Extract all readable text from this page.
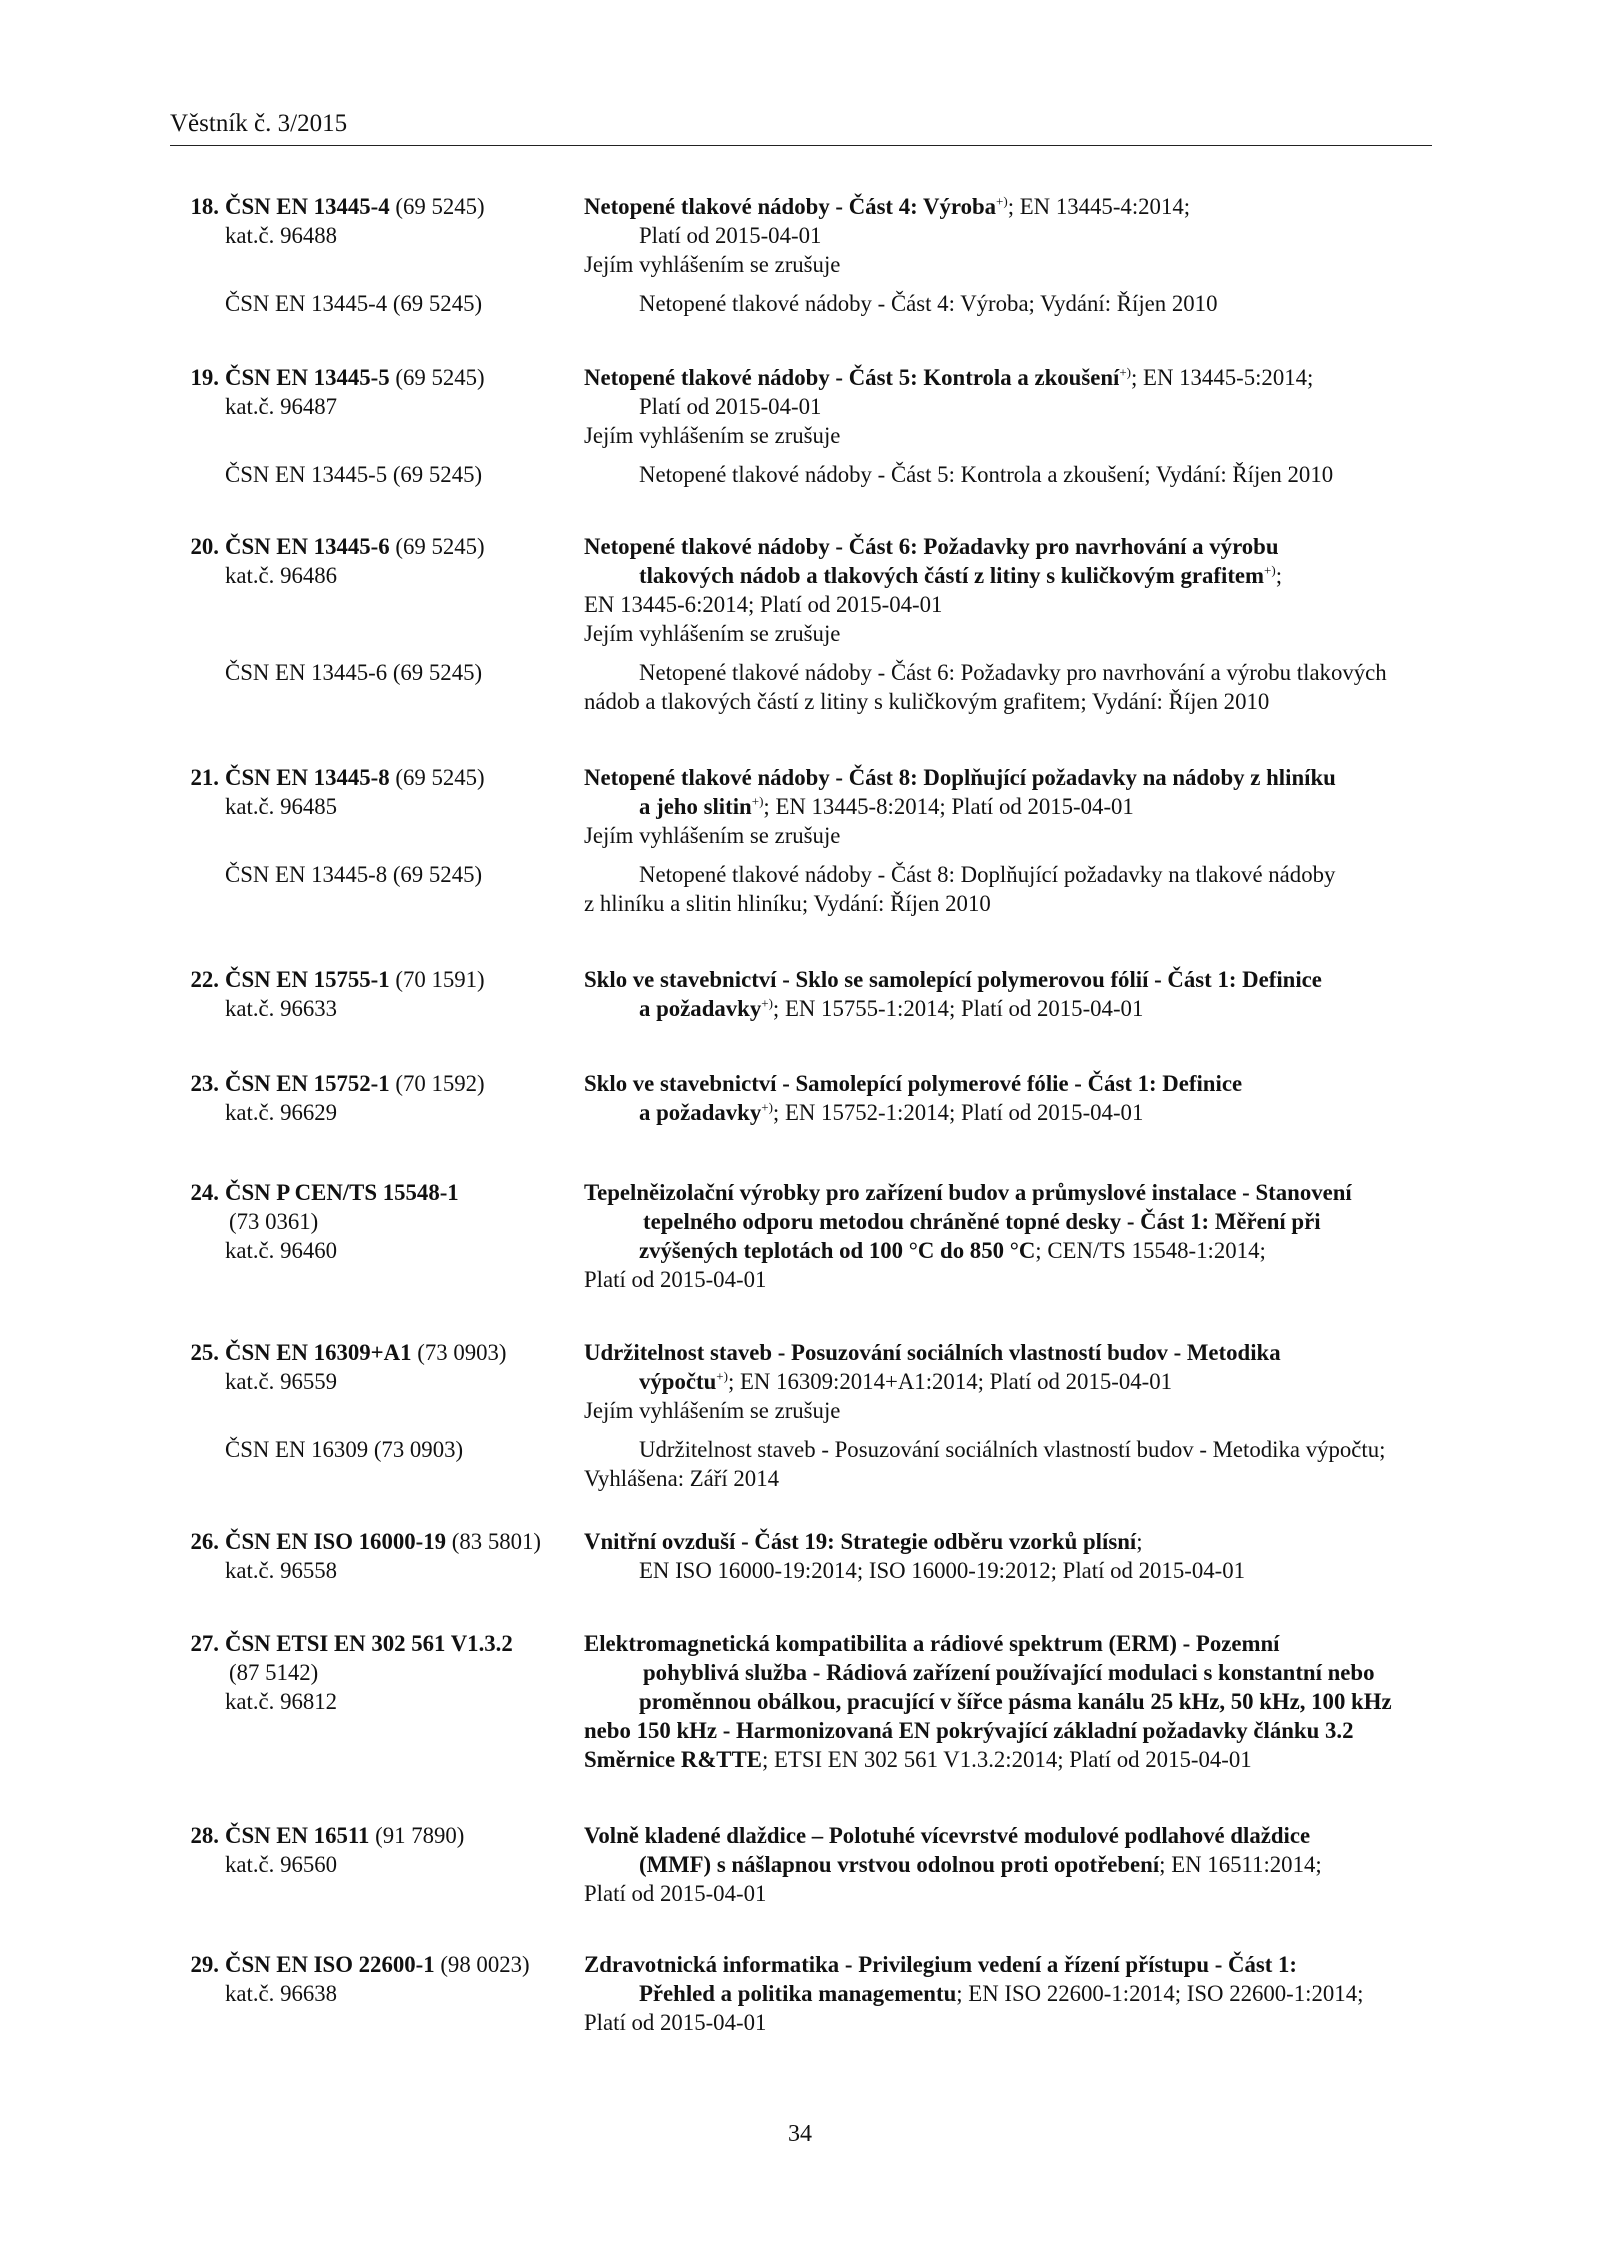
Věstník č. 3/2015
18. ČSN EN 13445-4 (69 5245)	Netopené tlakové nádoby - Část 4: Výroba+); EN 13445-4:2014;
kat.č. 96488	Platí od 2015-04-01
Jejím vyhlášením se zrušuje
ČSN EN 13445-4 (69 5245)	Netopené tlakové nádoby - Část 4: Výroba; Vydání: Říjen 2010
19. ČSN EN 13445-5 (69 5245)	Netopené tlakové nádoby - Část 5: Kontrola a zkoušení+); EN 13445-5:2014;
kat.č. 96487	Platí od 2015-04-01
Jejím vyhlášením se zrušuje
ČSN EN 13445-5 (69 5245)	Netopené tlakové nádoby - Část 5: Kontrola a zkoušení; Vydání: Říjen 2010
20. ČSN EN 13445-6 (69 5245)	Netopené tlakové nádoby - Část 6: Požadavky pro navrhování a výrobu
kat.č. 96486	tlakových nádob a tlakových částí z litiny s kuličkovým grafitem+);
EN 13445-6:2014; Platí od 2015-04-01
Jejím vyhlášením se zrušuje
ČSN EN 13445-6 (69 5245)	Netopené tlakové nádoby - Část 6: Požadavky pro navrhování a výrobu tlakových
nádob a tlakových částí z litiny s kuličkovým grafitem; Vydání: Říjen 2010
21. ČSN EN 13445-8 (69 5245)	Netopené tlakové nádoby - Část 8: Doplňující požadavky na nádoby z hliníku
kat.č. 96485	a jeho slitin+); EN 13445-8:2014; Platí od 2015-04-01
Jejím vyhlášením se zrušuje
ČSN EN 13445-8 (69 5245)	Netopené tlakové nádoby - Část 8: Doplňující požadavky na tlakové nádoby
z hliníku a slitin hliníku; Vydání: Říjen 2010
22. ČSN EN 15755-1 (70 1591)	Sklo ve stavebnictví - Sklo se samolepící polymerovou fólií - Část 1: Definice
kat.č. 96633	a požadavky+); EN 15755-1:2014; Platí od 2015-04-01
23. ČSN EN 15752-1 (70 1592)	Sklo ve stavebnictví - Samolepící polymerové fólie - Část 1: Definice
kat.č. 96629	a požadavky+); EN 15752-1:2014; Platí od 2015-04-01
24. ČSN P CEN/TS 15548-1	Tepelněizolační výrobky pro zařízení budov a průmyslové instalace - Stanovení
(73 0361)	tepelného odporu metodou chráněné topné desky - Část 1: Měření při
kat.č. 96460	zvýšených teplotách od 100 °C do 850 °C; CEN/TS 15548-1:2014;
Platí od 2015-04-01
25. ČSN EN 16309+A1 (73 0903)	Udržitelnost staveb - Posuzování sociálních vlastností budov - Metodika
kat.č. 96559	výpočtu+); EN 16309:2014+A1:2014; Platí od 2015-04-01
Jejím vyhlášením se zrušuje
ČSN EN 16309 (73 0903)	Udržitelnost staveb - Posuzování sociálních vlastností budov - Metodika výpočtu;
Vyhlášena: Září 2014
26. ČSN EN ISO 16000-19 (83 5801)	Vnitřní ovzduší - Část 19: Strategie odběru vzorků plísní;
kat.č. 96558	EN ISO 16000-19:2014; ISO 16000-19:2012; Platí od 2015-04-01
27. ČSN ETSI EN 302 561 V1.3.2	Elektromagnetická kompatibilita a rádiové spektrum (ERM) - Pozemní
(87 5142)	pohyblivá služba - Rádiová zařízení používající modulaci s konstantní nebo
kat.č. 96812	proměnnou obálkou, pracující v šířce pásma kanálu 25 kHz, 50 kHz, 100 kHz
nebo 150 kHz - Harmonizovaná EN pokrývající základní požadavky článku 3.2
Směrnice R&TTE; ETSI EN 302 561 V1.3.2:2014; Platí od 2015-04-01
28. ČSN EN 16511 (91 7890)	Volně kladené dlaždice – Polotuhé vícevrstvé modulové podlahové dlaždice
kat.č. 96560	(MMF) s nášlapnou vrstvou odolnou proti opotřebení; EN 16511:2014;
Platí od 2015-04-01
29. ČSN EN ISO 22600-1 (98 0023)	Zdravotnická informatika - Privilegium vedení a řízení přístupu - Část 1:
kat.č. 96638	Přehled a politika managementu; EN ISO 22600-1:2014; ISO 22600-1:2014;
Platí od 2015-04-01
34
